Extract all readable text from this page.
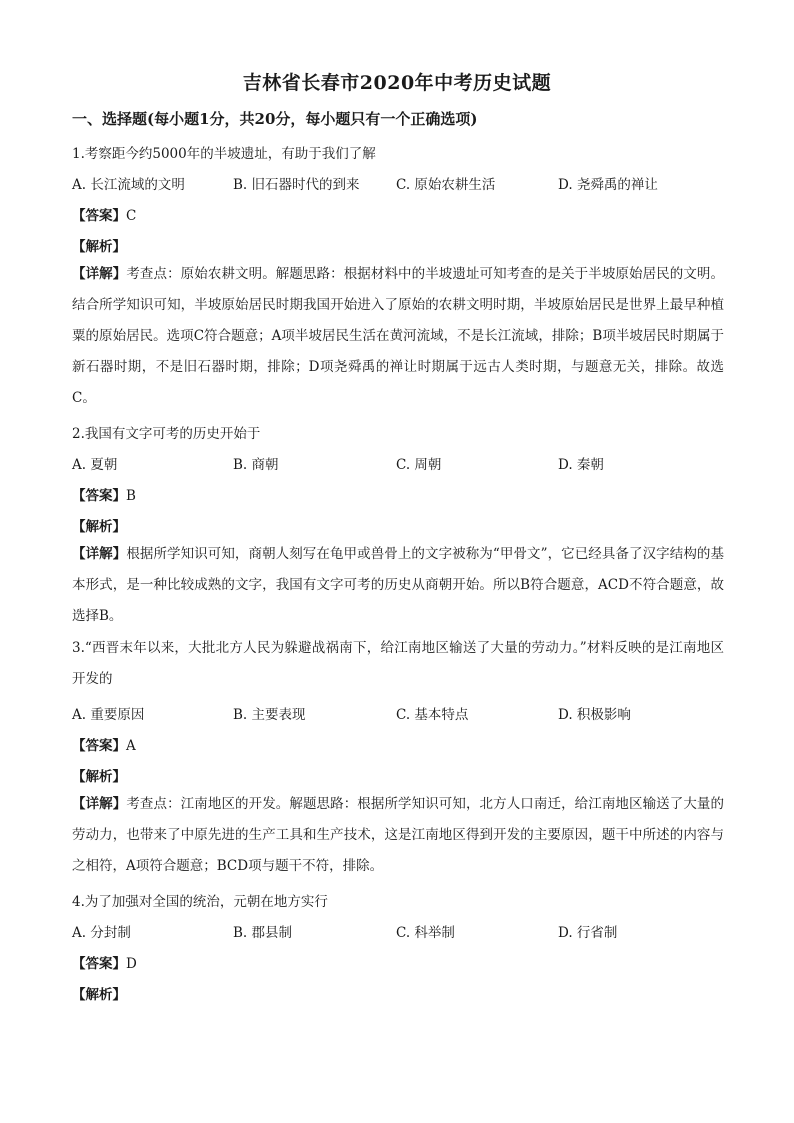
吉林省长春市2020年中考历史试题
一、选择题(每小题1分，共20分，每小题只有一个正确选项)
1.考察距今约5000年的半坡遗址，有助于我们了解
A. 长江流域的文明	B. 旧石器时代的到来	C. 原始农耕生活	D. 尧舜禹的禅让
【答案】C
【解析】
【详解】考查点：原始农耕文明。解题思路：根据材料中的半坡遗址可知考查的是关于半坡原始居民的文明。结合所学知识可知，半坡原始居民时期我国开始进入了原始的农耕文明时期，半坡原始居民是世界上最早种植粟的原始居民。选项C符合题意；A项半坡居民生活在黄河流域，不是长江流域，排除；B项半坡居民时期属于新石器时期，不是旧石器时期，排除；D项尧舜禹的禅让时期属于远古人类时期，与题意无关，排除。故选C。
2.我国有文字可考的历史开始于
A. 夏朝	B. 商朝	C. 周朝	D. 秦朝
【答案】B
【解析】
【详解】根据所学知识可知，商朝人刻写在龟甲或兽骨上的文字被称为“甲骨文”，它已经具备了汉字结构的基本形式，是一种比较成熟的文字，我国有文字可考的历史从商朝开始。所以B符合题意，ACD不符合题意，故选择B。
3.“西晋末年以来，大批北方人民为躲避战祸南下，给江南地区输送了大量的劳动力。”材料反映的是江南地区开发的
A. 重要原因	B. 主要表现	C. 基本特点	D. 积极影响
【答案】A
【解析】
【详解】考查点：江南地区的开发。解题思路：根据所学知识可知，北方人口南迁，给江南地区输送了大量的劳动力，也带来了中原先进的生产工具和生产技术，这是江南地区得到开发的主要原因，题干中所述的内容与之相符，A项符合题意；BCD项与题干不符，排除。
4.为了加强对全国的统治，元朝在地方实行
A. 分封制	B. 郡县制	C. 科举制	D. 行省制
【答案】D
【解析】
